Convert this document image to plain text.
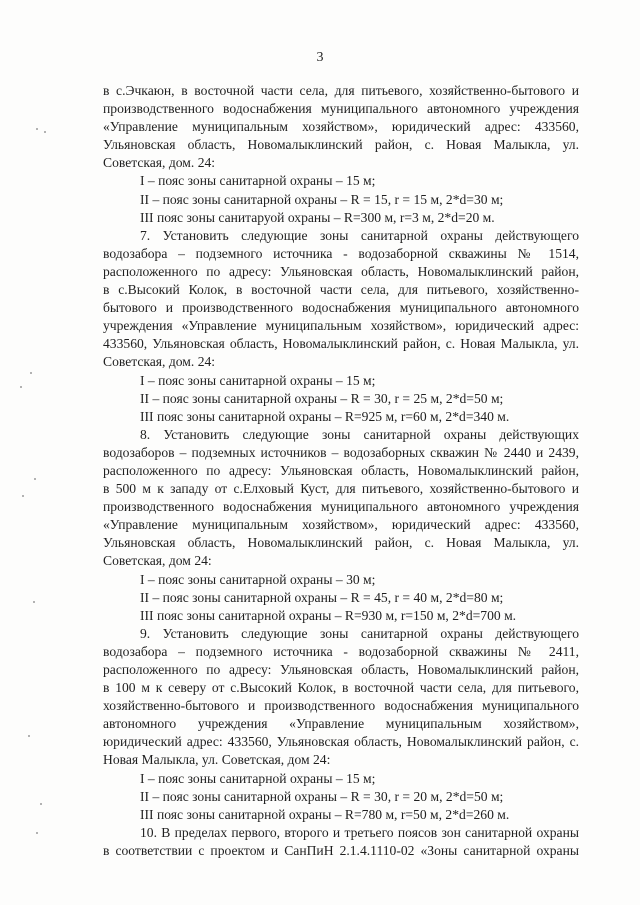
3
в с.Эчкаюн, в восточной части села, для питьевого, хозяйственно-бытового и
производственного водоснабжения муниципального автономного учреждения
«Управление муниципальным хозяйством», юридический адрес: 433560,
Ульяновская область, Новомалыклинский район, с. Новая Малыкла, ул.
Советская, дом. 24:
I – пояс зоны санитарной охраны – 15 м;
II – пояс зоны санитарной охраны – R = 15, r = 15 м, 2*d=30 м;
III пояс зоны санитаруой охраны – R=300 м, r=3 м, 2*d=20 м.
7. Установить следующие зоны санитарной охраны действующего
водозабора – подземного источника - водозаборной скважины № 1514,
расположенного по адресу: Ульяновская область, Новомалыклинский район,
в с.Высокий Колок, в восточной части села, для питьевого, хозяйственно-
бытового и производственного водоснабжения муниципального автономного
учреждения «Управление муниципальным хозяйством», юридический адрес:
433560, Ульяновская область, Новомалыклинский район, с. Новая Малыкла, ул.
Советская, дом. 24:
I – пояс зоны санитарной охраны – 15 м;
II – пояс зоны санитарной охраны – R = 30, r = 25 м, 2*d=50 м;
III пояс зоны санитарной охраны – R=925 м, r=60 м, 2*d=340 м.
8. Установить следующие зоны санитарной охраны действующих
водозаборов – подземных источников – водозаборных скважин № 2440 и 2439,
расположенного по адресу: Ульяновская область, Новомалыклинский район,
в 500 м к западу от с.Елховый Куст, для питьевого, хозяйственно-бытового и
производственного водоснабжения муниципального автономного учреждения
«Управление муниципальным хозяйством», юридический адрес: 433560,
Ульяновская область, Новомалыклинский район, с. Новая Малыкла, ул.
Советская, дом 24:
I – пояс зоны санитарной охраны – 30 м;
II – пояс зоны санитарной охраны – R = 45, r = 40 м, 2*d=80 м;
III пояс зоны санитарной охраны – R=930 м, r=150 м, 2*d=700 м.
9. Установить следующие зоны санитарной охраны действующего
водозабора – подземного источника - водозаборной скважины № 2411,
расположенного по адресу: Ульяновская область, Новомалыклинский район,
в 100 м к северу от с.Высокий Колок, в восточной части села, для питьевого,
хозяйственно-бытового и производственного водоснабжения муниципального
автономного учреждения «Управление муниципальным хозяйством»,
юридический адрес: 433560, Ульяновская область, Новомалыклинский район, с.
Новая Малыкла, ул. Советская, дом 24:
I – пояс зоны санитарной охраны – 15 м;
II – пояс зоны санитарной охраны – R = 30, r = 20 м, 2*d=50 м;
III пояс зоны санитарной охраны – R=780 м, r=50 м, 2*d=260 м.
10. В пределах первого, второго и третьего поясов зон санитарной охраны
в соответствии с проектом и СанПиН 2.1.4.1110-02 «Зоны санитарной охраны
